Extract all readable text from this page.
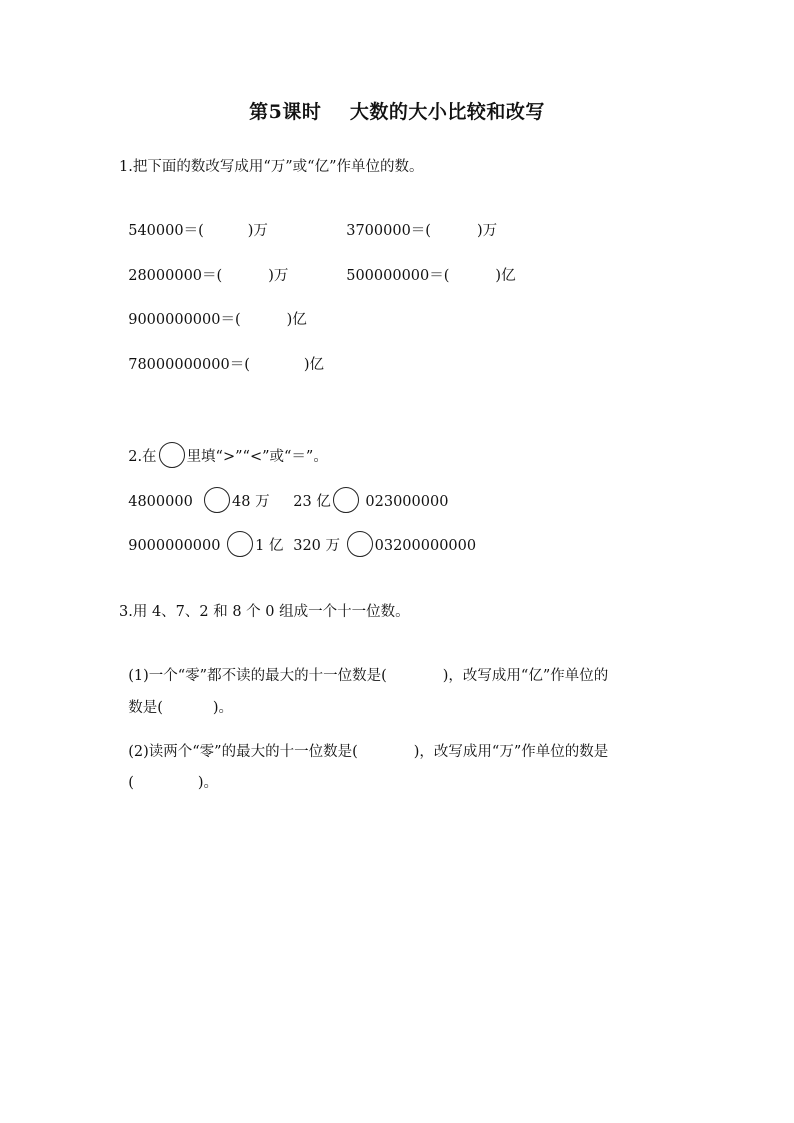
第5课时    大数的大小比较和改写
1.把下面的数改写成用“万”或“亿”作单位的数。

540000＝(	)万	3700000＝(	)万

28000000＝(	)万	500000000＝(	)亿

9000000000＝(	)亿

78000000000＝(	)亿

2.在 里填“>”“<”或“＝”。

4800000	48 万	23 亿 023000000

9000000000 1 亿 320 万 03200000000

3.用 4、7、2 和 8 个 0 组成一个十一位数。

(1)一个“零”都不读的最大的十一位数是(	)，改写成用“亿”作单位的

数是(	)。

(2)读两个“零”的最大的十一位数是(	)，改写成用“万”作单位的数是

(	)。
